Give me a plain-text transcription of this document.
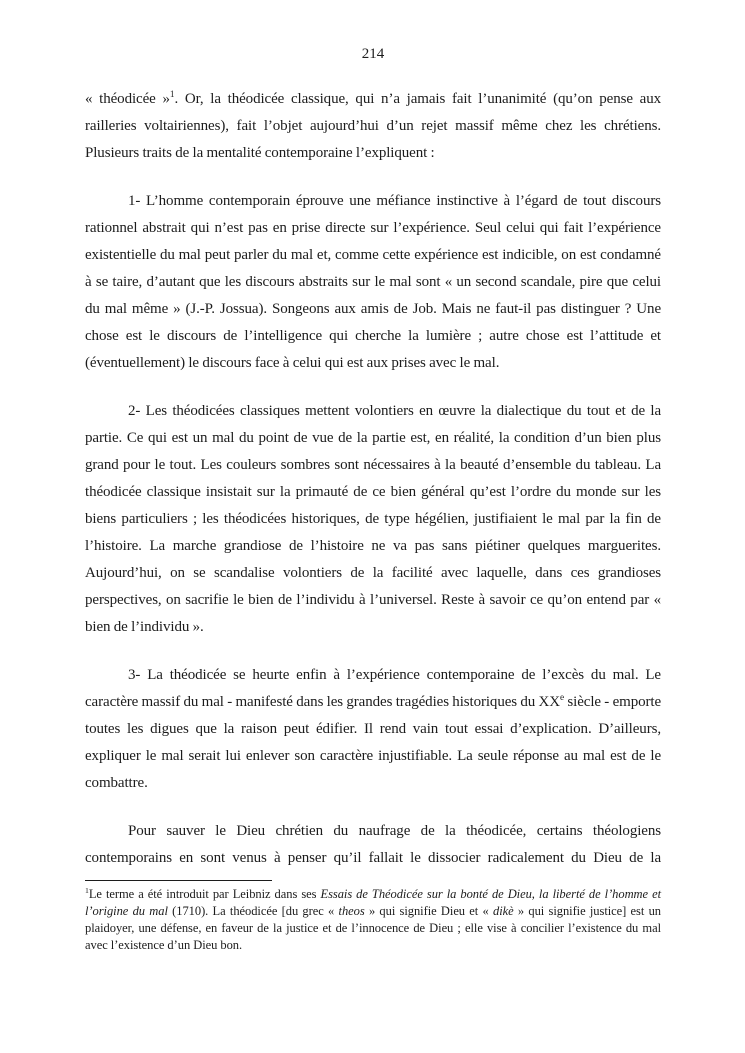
214

« théodicée »$^1$. Or, la théodicée classique, qui n’a jamais fait l’unanimité (qu’on pense aux railleries voltairiennes), fait l’objet aujourd’hui d’un rejet massif même chez les chrétiens. Plusieurs traits de la mentalité contemporaine l’expliquent :

1- L’homme contemporain éprouve une méfiance instinctive à l’égard de tout discours rationnel abstrait qui n’est pas en prise directe sur l’expérience. Seul celui qui fait l’expérience existentielle du mal peut parler du mal et, comme cette expérience est indicible, on est condamné à se taire, d’autant que les discours abstraits sur le mal sont « un second scandale, pire que celui du mal même » (J.-P. Jossua). Songeons aux amis de Job. Mais ne faut-il pas distinguer ? Une chose est le discours de l’intelligence qui cherche la lumière ; autre chose est l’attitude et (éventuellement) le discours face à celui qui est aux prises avec le mal.

2- Les théodicées classiques mettent volontiers en œuvre la dialectique du tout et de la partie. Ce qui est un mal du point de vue de la partie est, en réalité, la condition d’un bien plus grand pour le tout. Les couleurs sombres sont nécessaires à la beauté d’ensemble du tableau. La théodicée classique insistait sur la primauté de ce bien général qu’est l’ordre du monde sur les biens particuliers ; les théodicées historiques, de type hégélien, justifiaient le mal par la fin de l’histoire. La marche grandiose de l’histoire ne va pas sans piétiner quelques marguerites. Aujourd’hui, on se scandalise volontiers de la facilité avec laquelle, dans ces grandioses perspectives, on sacrifie le bien de l’individu à l’universel. Reste à savoir ce qu’on entend par « bien de l’individu ».

3- La théodicée se heurte enfin à l’expérience contemporaine de l’excès du mal. Le caractère massif du mal - manifesté dans les grandes tragédies historiques du XXe siècle - emporte toutes les digues que la raison peut édifier. Il rend vain tout essai d’explication. D’ailleurs, expliquer le mal serait lui enlever son caractère injustifiable. La seule réponse au mal est de le combattre.

Pour sauver le Dieu chrétien du naufrage de la théodicée, certains théologiens contemporains en sont venus à penser qu’il fallait le dissocier radicalement du Dieu de la

$^1$Le terme a été introduit par Leibniz dans ses Essais de Théodicée sur la bonté de Dieu, la liberté de l’homme et l’origine du mal (1710). La théodicée [du grec « theos » qui signifie Dieu et « dikè » qui signifie justice] est un plaidoyer, une défense, en faveur de la justice et de l’innocence de Dieu ; elle vise à concilier l’existence du mal avec l’existence d’un Dieu bon.
